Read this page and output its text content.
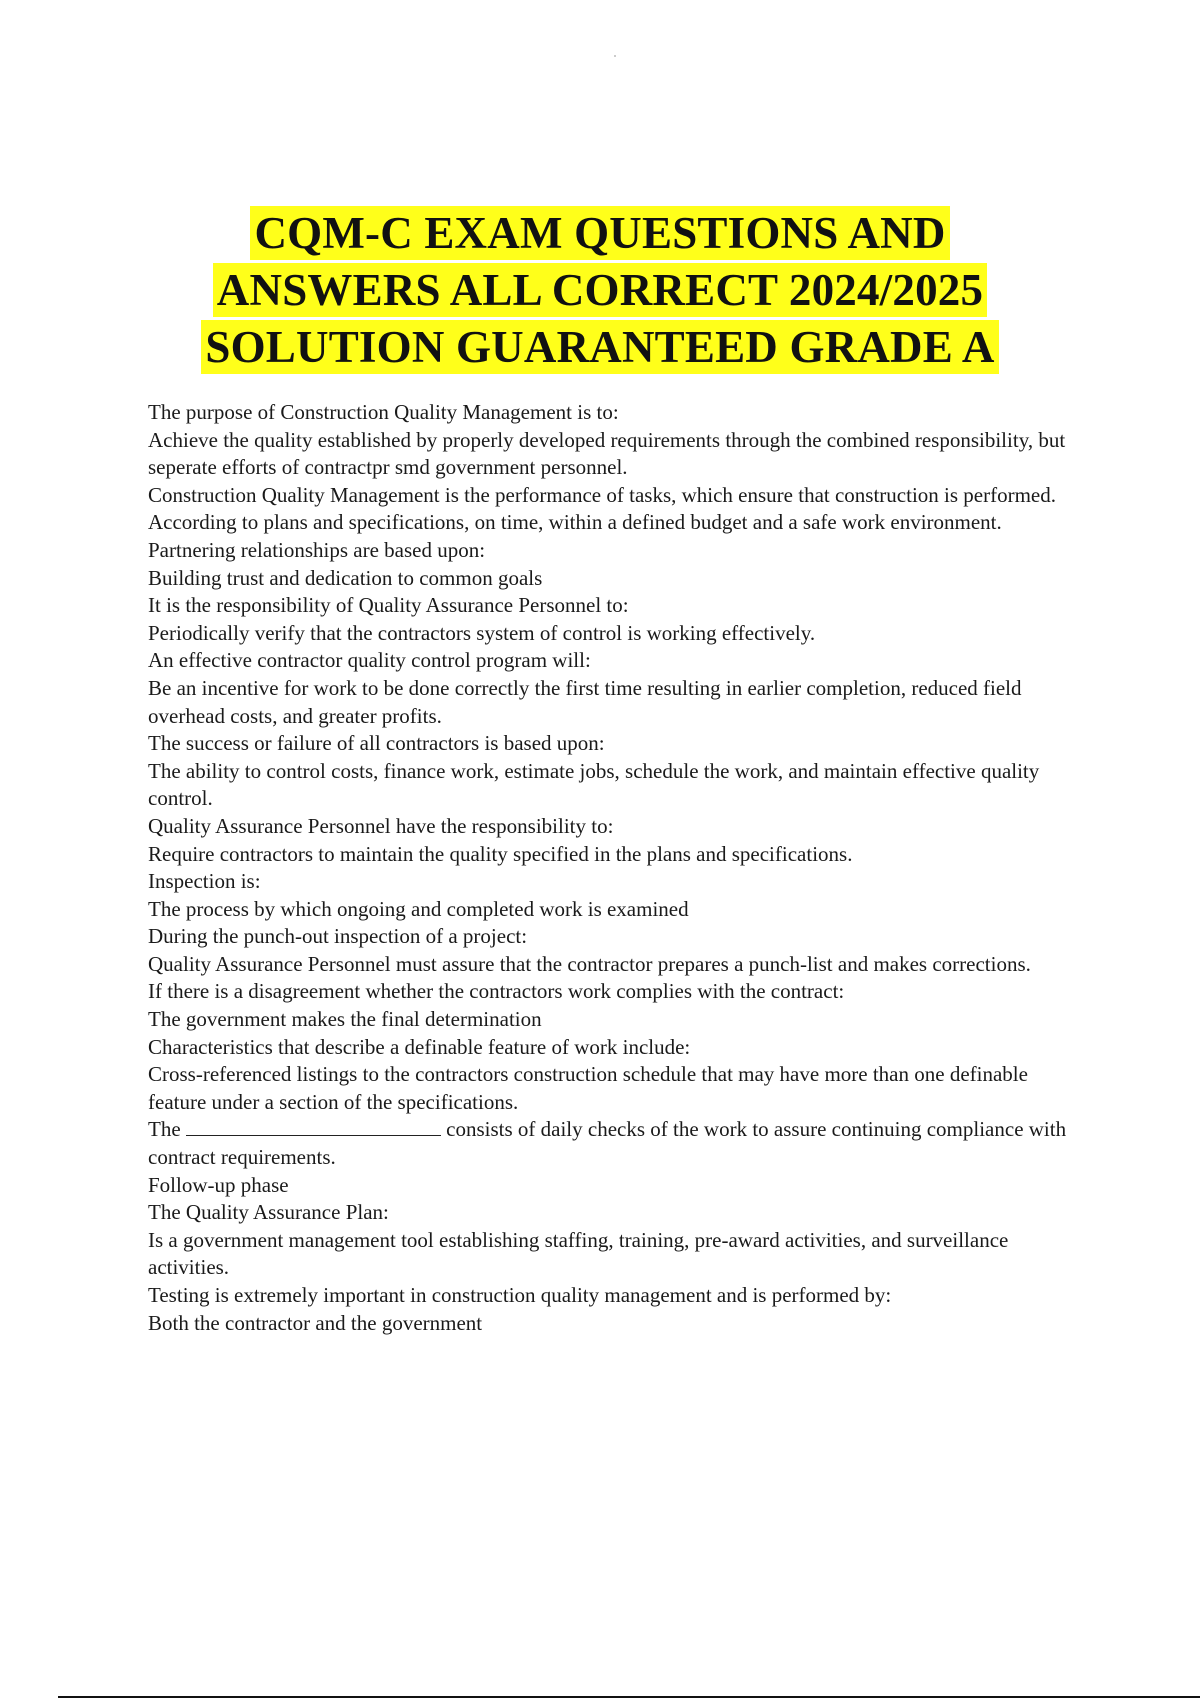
CQM-C EXAM QUESTIONS AND
ANSWERS ALL CORRECT 2024/2025
SOLUTION GUARANTEED GRADE A

The purpose of Construction Quality Management is to:

Achieve the quality established by properly developed requirements through the combined responsibility, but seperate efforts of contractpr smd government personnel.

Construction Quality Management is the performance of tasks, which ensure that construction is performed.

According to plans and specifications, on time, within a defined budget and a safe work environment.

Partnering relationships are based upon:

Building trust and dedication to common goals

It is the responsibility of Quality Assurance Personnel to:

Periodically verify that the contractors system of control is working effectively.

An effective contractor quality control program will:

Be an incentive for work to be done correctly the first time resulting in earlier completion, reduced field overhead costs, and greater profits.

The success or failure of all contractors is based upon:

The ability to control costs, finance work, estimate jobs, schedule the work, and maintain effective quality control.

Quality Assurance Personnel have the responsibility to:

Require contractors to maintain the quality specified in the plans and specifications.

Inspection is:

The process by which ongoing and completed work is examined

During the punch-out inspection of a project:

Quality Assurance Personnel must assure that the contractor prepares a punch-list and makes corrections.

If there is a disagreement whether the contractors work complies with the contract:

The government makes the final determination

Characteristics that describe a definable feature of work include:

Cross-referenced listings to the contractors construction schedule that may have more than one definable feature under a section of the specifications.

The	consists of daily checks of the work to assure continuing compliance with contract requirements.

Follow-up phase

The Quality Assurance Plan:

Is a government management tool establishing staffing, training, pre-award activities, and surveillance activities.

Testing is extremely important in construction quality management and is performed by:

Both the contractor and the government
